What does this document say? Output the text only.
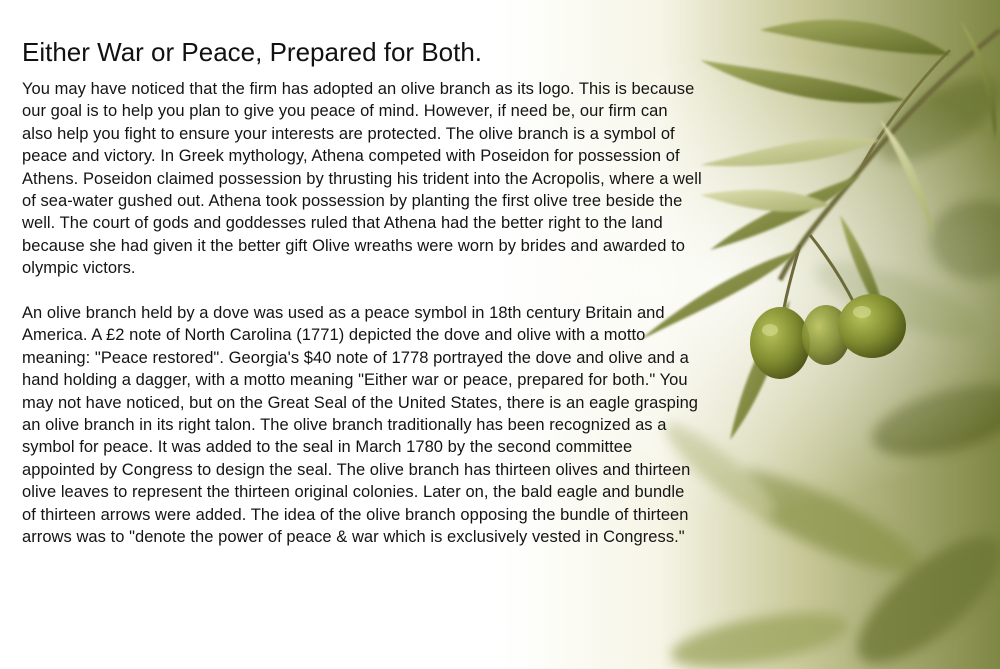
Either War or Peace, Prepared for Both.

You may have noticed that the firm has adopted an olive branch as its logo. This is because our goal is to help you plan to give you peace of mind. However, if need be, our firm can also help you fight to ensure your interests are protected. The olive branch is a symbol of peace and victory. In Greek mythology, Athena competed with Poseidon for possession of Athens. Poseidon claimed possession by thrusting his trident into the Acropolis, where a well of sea-water gushed out. Athena took possession by planting the first olive tree beside the well. The court of gods and goddesses ruled that Athena had the better right to the land because she had given it the better gift Olive wreaths were worn by brides and awarded to olympic victors.

An olive branch held by a dove was used as a peace symbol in 18th century Britain and America. A £2 note of North Carolina (1771) depicted the dove and olive with a motto meaning: "Peace restored". Georgia's $40 note of 1778 portrayed the dove and olive and a hand holding a dagger, with a motto meaning "Either war or peace, prepared for both." You may not have noticed, but on the Great Seal of the United States, there is an eagle grasping an olive branch in its right talon. The olive branch traditionally has been recognized as a symbol for peace. It was added to the seal in March 1780 by the second committee appointed by Congress to design the seal. The olive branch has thirteen olives and thirteen olive leaves to represent the thirteen original colonies. Later on, the bald eagle and bundle of thirteen arrows were added. The idea of the olive branch opposing the bundle of thirteen arrows was to "denote the power of peace & war which is exclusively vested in Congress."
